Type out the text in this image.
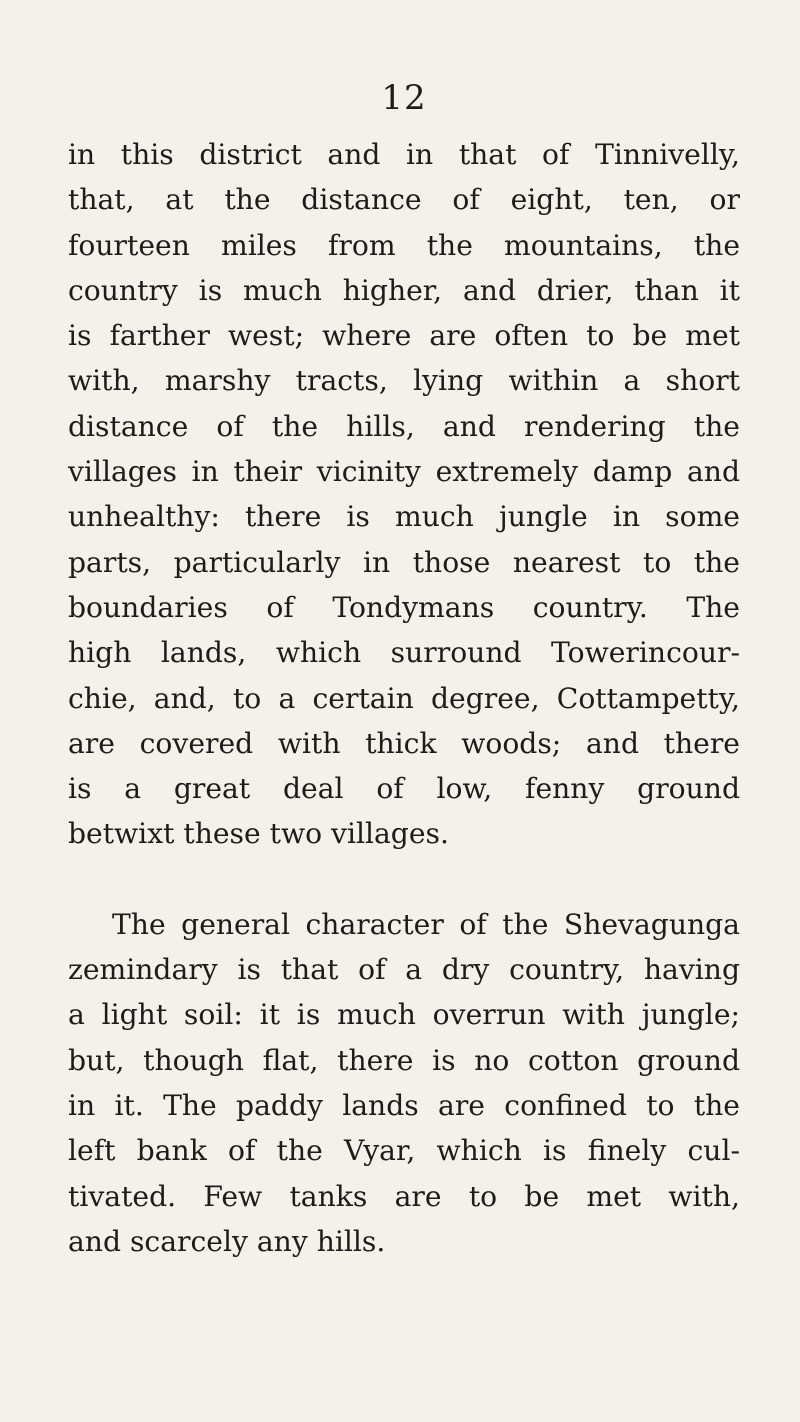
12
in this district and in that of Tinnivelly,
that, at the distance of eight, ten, or
fourteen miles from the mountains, the
country is much higher, and drier, than it
is farther west; where are often to be met
with, marshy tracts, lying within a short
distance of the hills, and rendering the
villages in their vicinity extremely damp and
unhealthy: there is much jungle in some
parts, particularly in those nearest to the
boundaries of Tondymans country. The
high lands, which surround Towerincour-
chie, and, to a certain degree, Cottampetty,
are covered with thick woods; and there
is a great deal of low, fenny ground
betwixt these two villages.
The general character of the Shevagunga
zemindary is that of a dry country, having
a light soil: it is much overrun with jungle;
but, though flat, there is no cotton ground
in it. The paddy lands are confined to the
left bank of the Vyar, which is finely cul-
tivated. Few tanks are to be met with,
and scarcely any hills.
